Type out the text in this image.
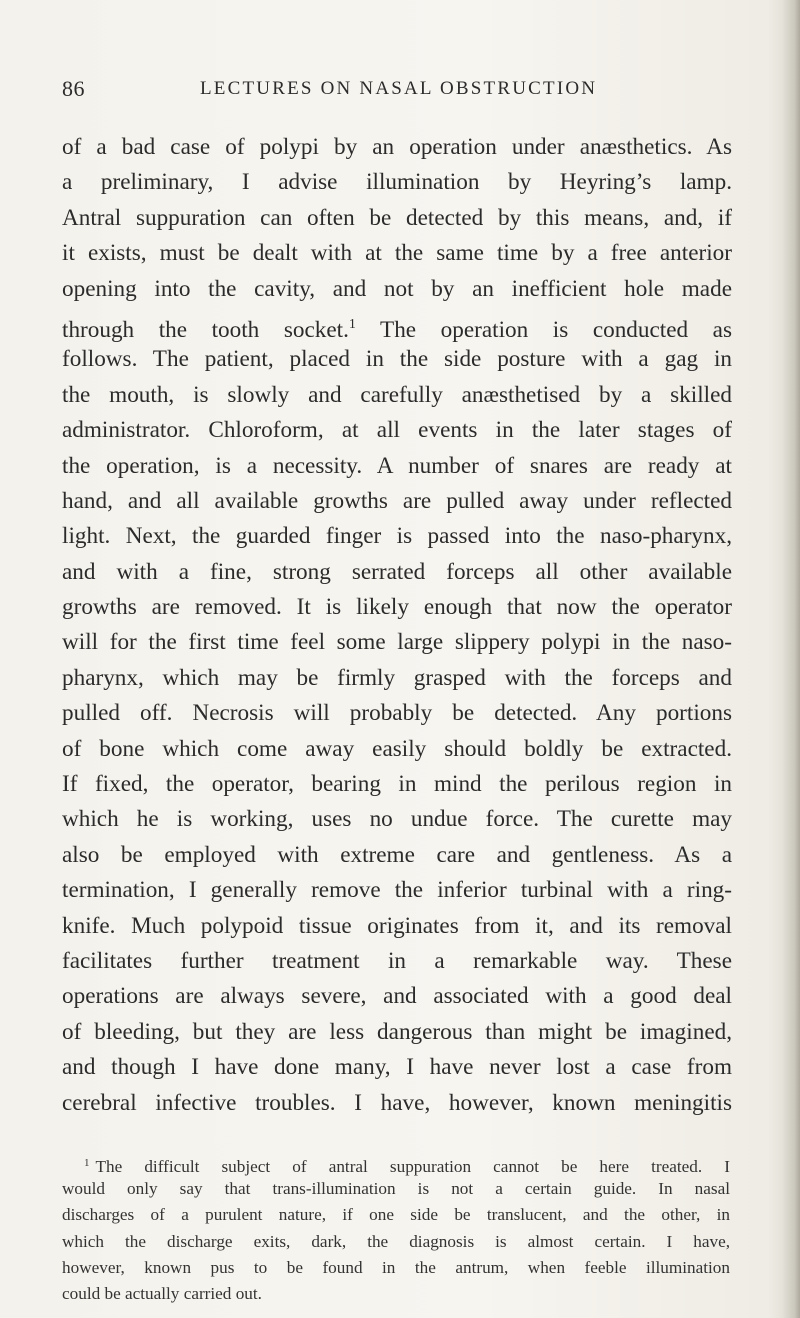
86	LECTURES ON NASAL OBSTRUCTION
of a bad case of polypi by an operation under anæsthetics. As
a preliminary, I advise illumination by Heyring’s lamp.
Antral suppuration can often be detected by this means, and, if
it exists, must be dealt with at the same time by a free anterior
opening into the cavity, and not by an inefficient hole made
through the tooth socket.$^1$ The operation is conducted as
follows. The patient, placed in the side posture with a gag in
the mouth, is slowly and carefully anæsthetised by a skilled
administrator. Chloroform, at all events in the later stages of
the operation, is a necessity. A number of snares are ready at
hand, and all available growths are pulled away under reflected
light. Next, the guarded finger is passed into the naso-pharynx,
and with a fine, strong serrated forceps all other available
growths are removed. It is likely enough that now the operator
will for the first time feel some large slippery polypi in the naso-
pharynx, which may be firmly grasped with the forceps and
pulled off. Necrosis will probably be detected. Any portions
of bone which come away easily should boldly be extracted.
If fixed, the operator, bearing in mind the perilous region in
which he is working, uses no undue force. The curette may
also be employed with extreme care and gentleness. As a
termination, I generally remove the inferior turbinal with a ring-
knife. Much polypoid tissue originates from it, and its removal
facilitates further treatment in a remarkable way. These
operations are always severe, and associated with a good deal
of bleeding, but they are less dangerous than might be imagined,
and though I have done many, I have never lost a case from
cerebral infective troubles. I have, however, known meningitis
$^1$ The difficult subject of antral suppuration cannot be here treated. I
would only say that trans-illumination is not a certain guide. In nasal
discharges of a purulent nature, if one side be translucent, and the other, in
which the discharge exits, dark, the diagnosis is almost certain. I have,
however, known pus to be found in the antrum, when feeble illumination
could be actually carried out.
